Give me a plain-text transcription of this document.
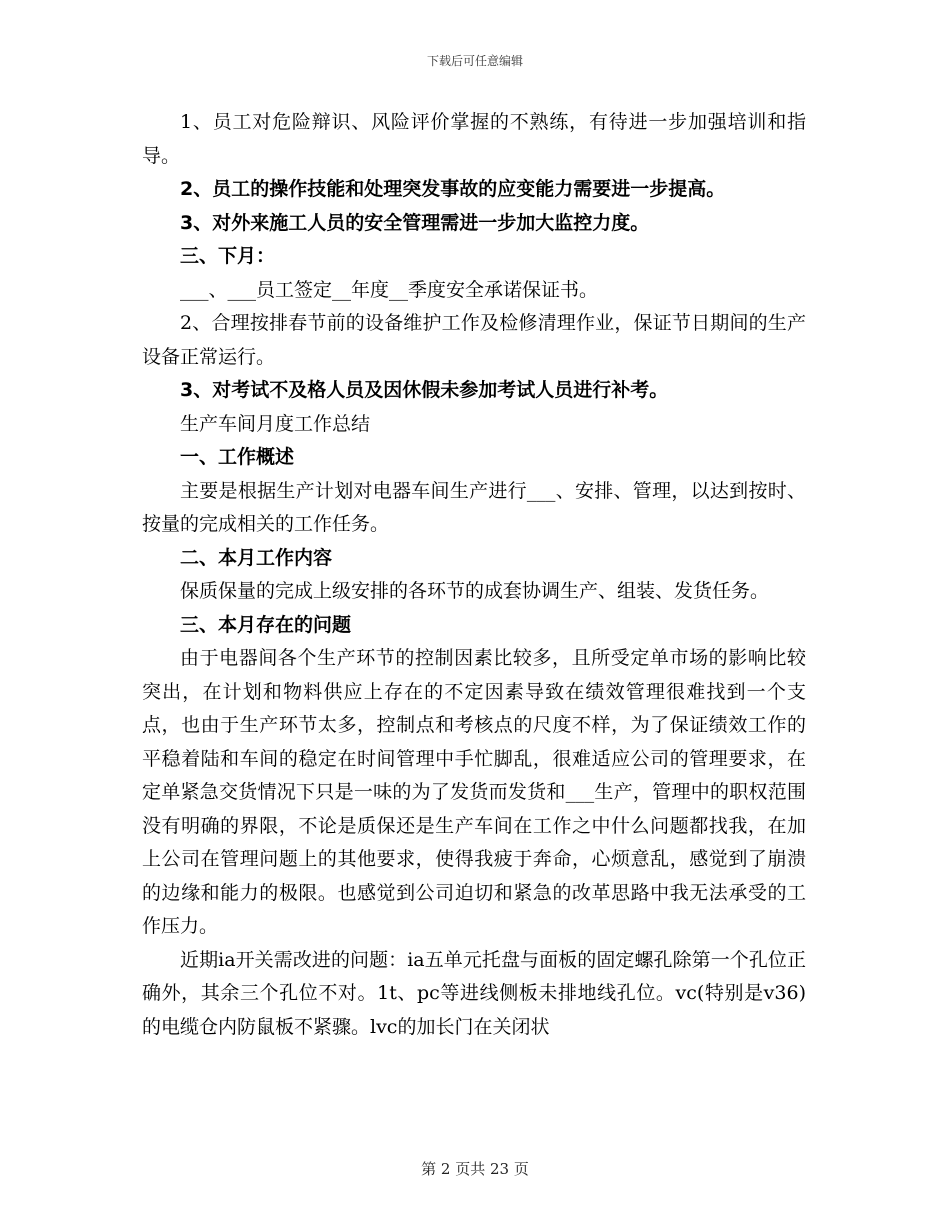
下载后可任意编辑

1、员工对危险辩识、风险评价掌握的不熟练，有待进一步加强培训和指导。

2、员工的操作技能和处理突发事故的应变能力需要进一步提高。

3、对外来施工人员的安全管理需进一步加大监控力度。

三、下月：

___、___员工签定__年度__季度安全承诺保证书。

2、合理按排春节前的设备维护工作及检修清理作业，保证节日期间的生产设备正常运行。

3、对考试不及格人员及因休假未参加考试人员进行补考。

生产车间月度工作总结

一、工作概述

主要是根据生产计划对电器车间生产进行___、安排、管理，以达到按时、按量的完成相关的工作任务。

二、本月工作内容

保质保量的完成上级安排的各环节的成套协调生产、组装、发货任务。

三、本月存在的问题

由于电器间各个生产环节的控制因素比较多，且所受定单市场的影响比较突出，在计划和物料供应上存在的不定因素导致在绩效管理很难找到一个支点，也由于生产环节太多，控制点和考核点的尺度不样，为了保证绩效工作的平稳着陆和车间的稳定在时间管理中手忙脚乱，很难适应公司的管理要求，在定单紧急交货情况下只是一味的为了发货而发货和___生产，管理中的职权范围没有明确的界限，不论是质保还是生产车间在工作之中什么问题都找我，在加上公司在管理问题上的其他要求，使得我疲于奔命，心烦意乱，感觉到了崩溃的边缘和能力的极限。也感觉到公司迫切和紧急的改革思路中我无法承受的工作压力。

近期ia开关需改进的问题：ia五单元托盘与面板的固定螺孔除第一个孔位正确外，其余三个孔位不对。1t、pc等进线侧板未排地线孔位。vc(特别是v36)的电缆仓内防鼠板不紧骤。lvc的加长门在关闭状

第 2 页共 23 页
